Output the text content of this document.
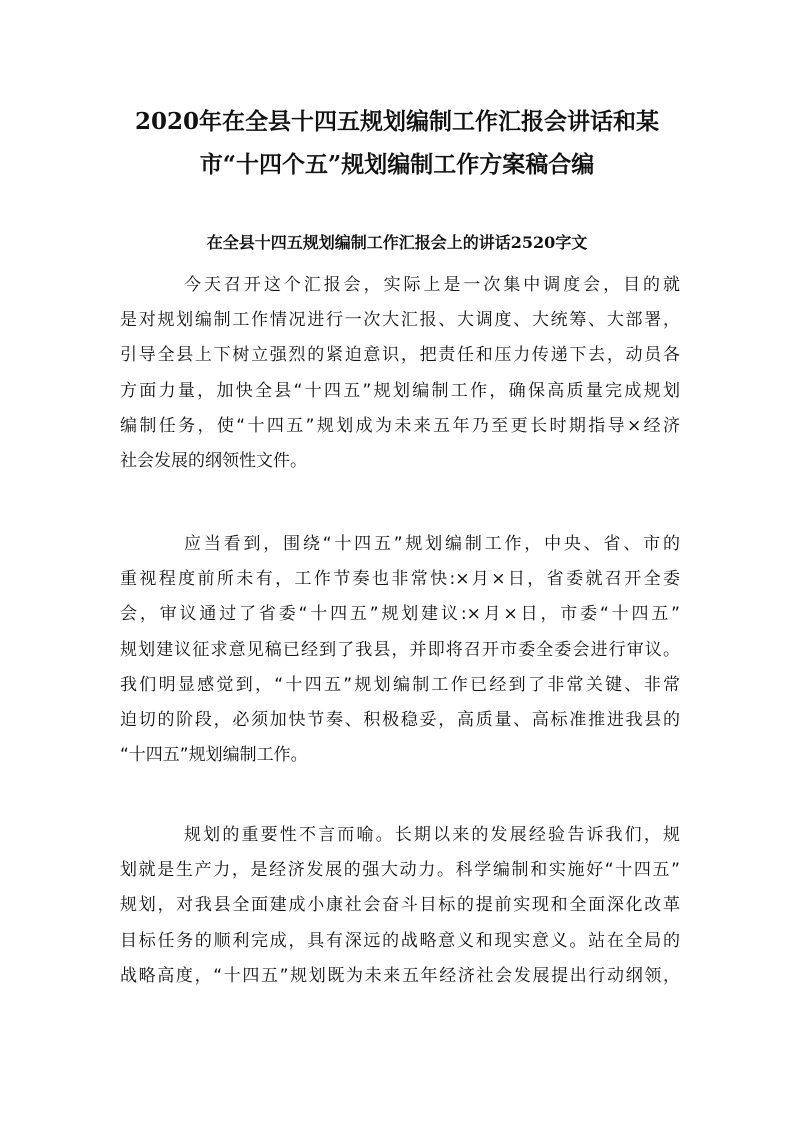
2020年在全县十四五规划编制工作汇报会讲话和某
市“十四个五”规划编制工作方案稿合编
在全县十四五规划编制工作汇报会上的讲话2520字文
今天召开这个汇报会，实际上是一次集中调度会，目的就
是对规划编制工作情况进行一次大汇报、大调度、大统筹、大部署，
引导全县上下树立强烈的紧迫意识，把责任和压力传递下去，动员各
方面力量，加快全县“十四五”规划编制工作，确保高质量完成规划
编制任务，使“十四五”规划成为未来五年乃至更长时期指导×经济
社会发展的纲领性文件。
应当看到，围绕“十四五”规划编制工作，中央、省、市的
重视程度前所未有，工作节奏也非常快:×月×日，省委就召开全委
会，审议通过了省委“十四五”规划建议:×月×日，市委“十四五”
规划建议征求意见稿已经到了我县，并即将召开市委全委会进行审议。
我们明显感觉到，“十四五”规划编制工作已经到了非常关键、非常
迫切的阶段，必须加快节奏、积极稳妥，高质量、高标准推进我县的
“十四五”规划编制工作。
规划的重要性不言而喻。长期以来的发展经验告诉我们，规
划就是生产力，是经济发展的强大动力。科学编制和实施好“十四五”
规划，对我县全面建成小康社会奋斗目标的提前实现和全面深化改革
目标任务的顺利完成，具有深远的战略意义和现实意义。站在全局的
战略高度，“十四五”规划既为未来五年经济社会发展提出行动纲领，
